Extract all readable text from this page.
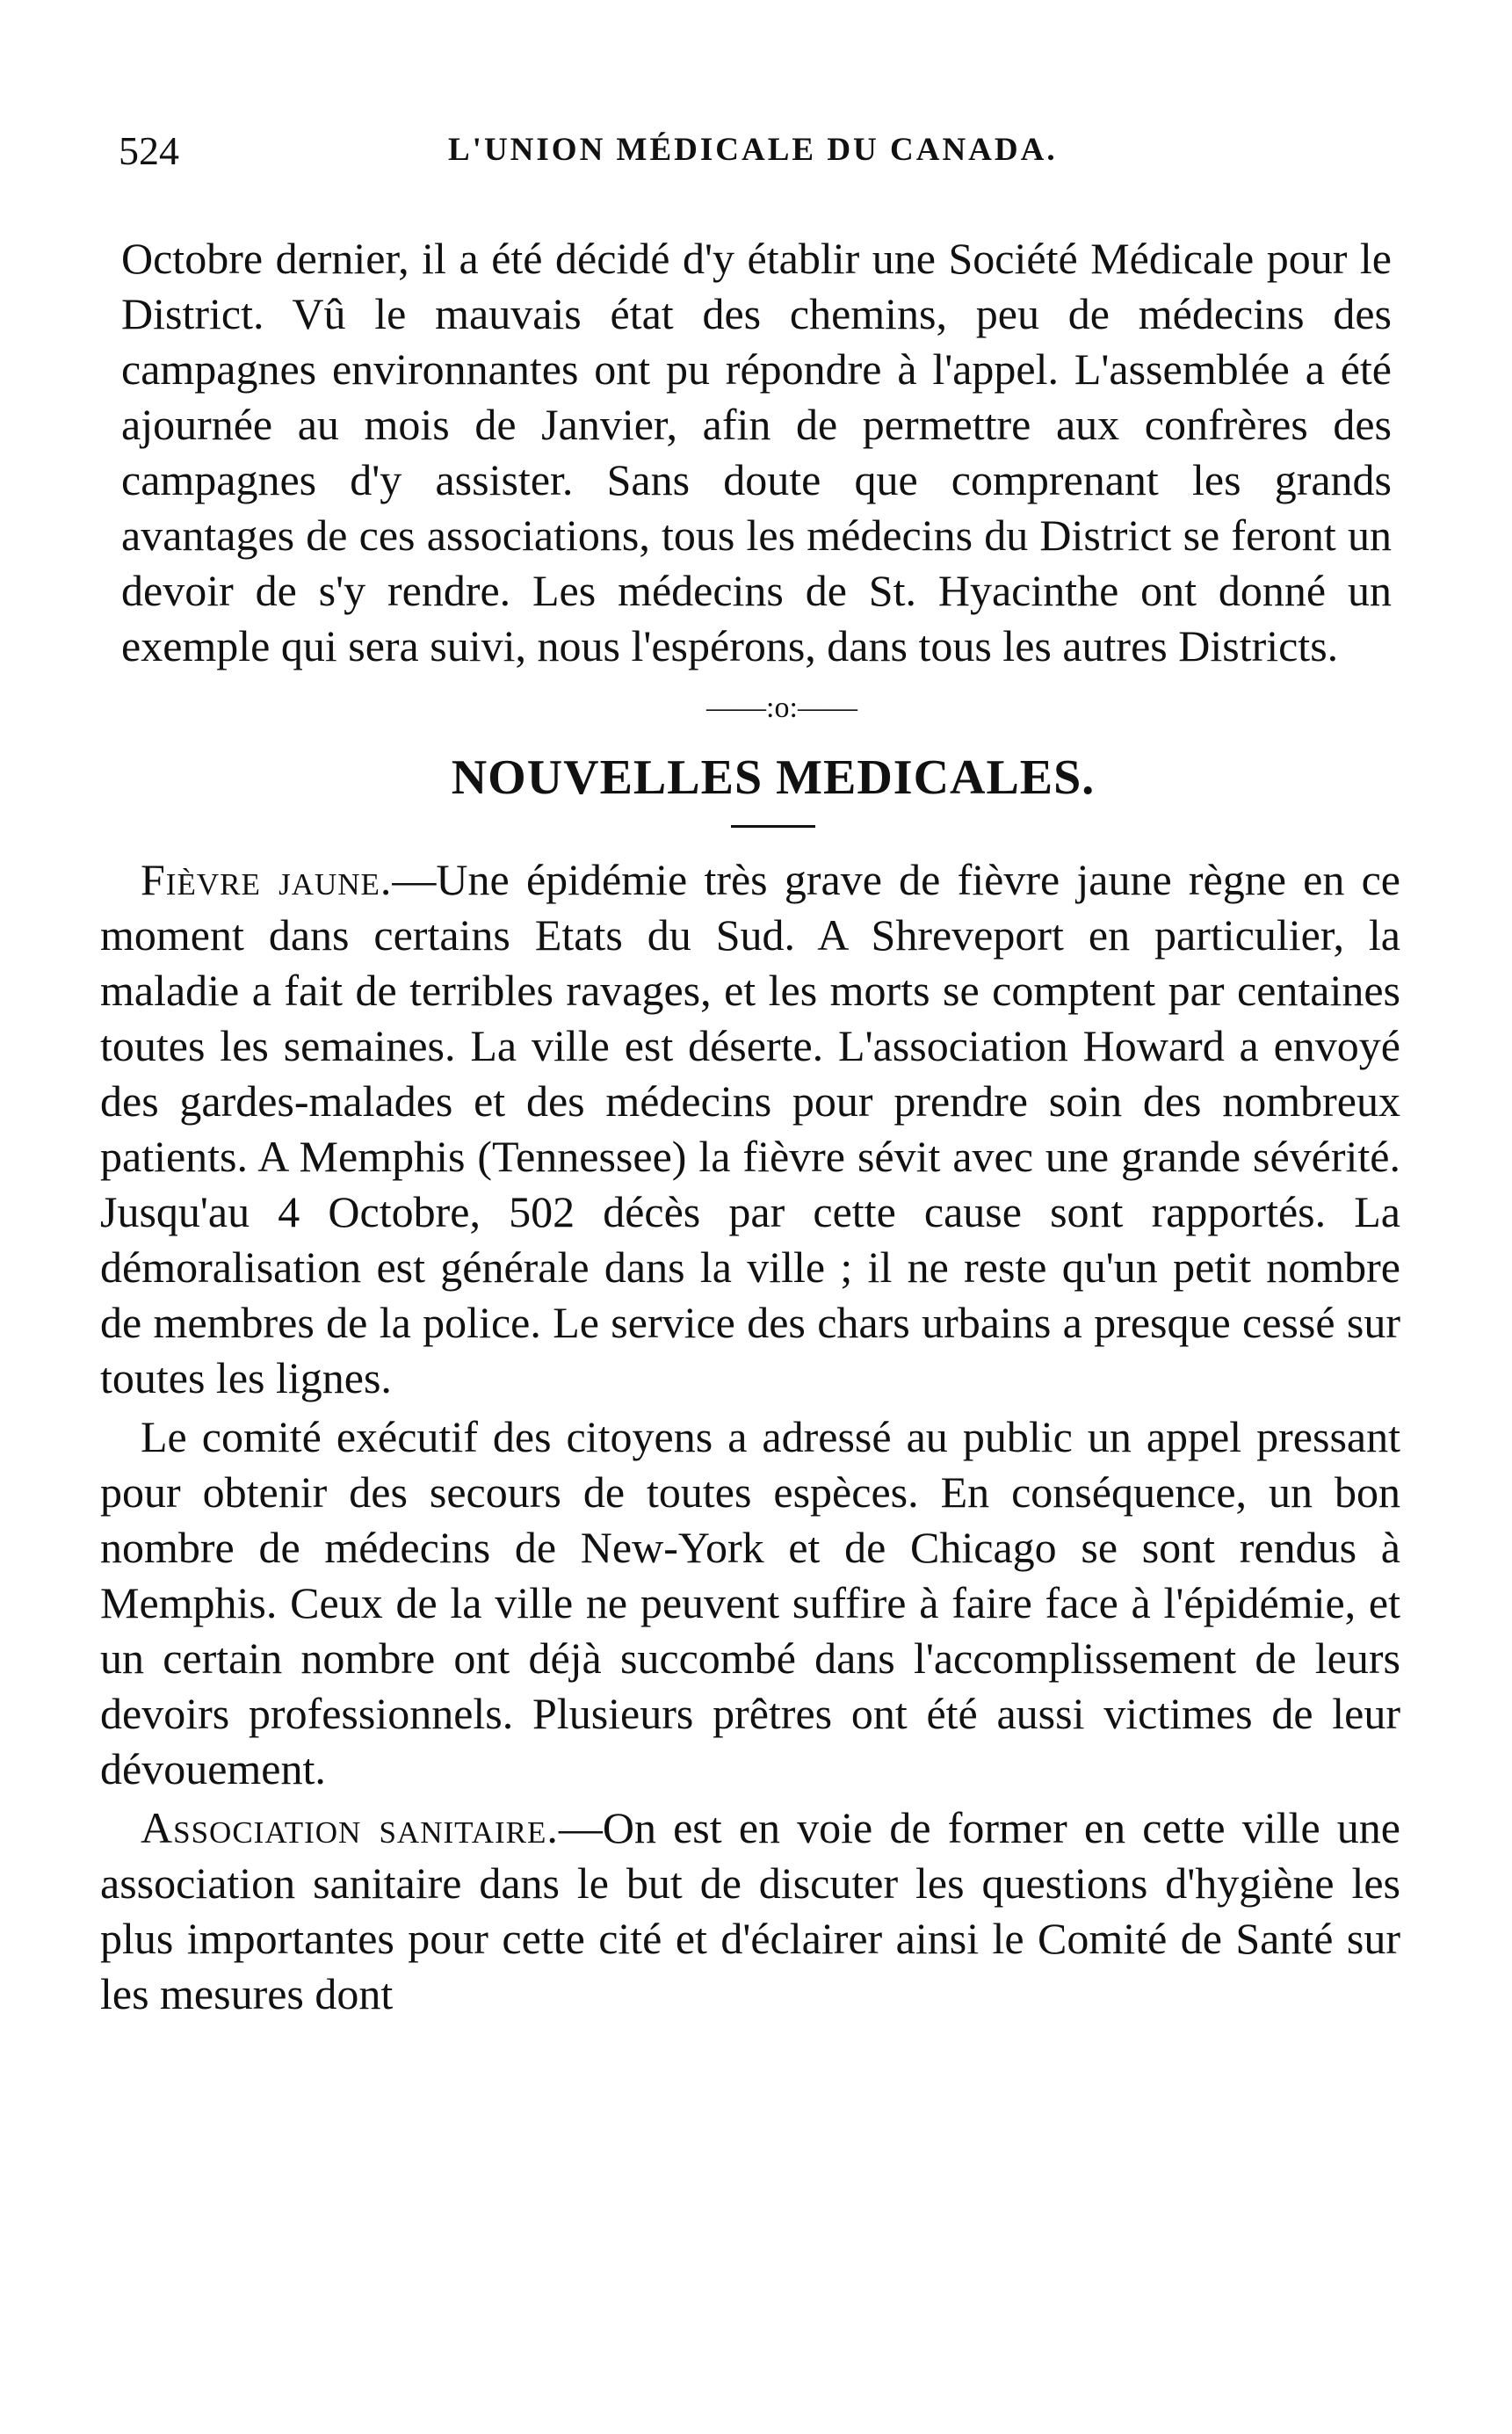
524	L'UNION MÉDICALE DU CANADA.

Octobre dernier, il a été décidé d'y établir une Société Médicale pour le District. Vû le mauvais état des chemins, peu de médecins des campagnes environnantes ont pu répondre à l'appel. L'assemblée a été ajournée au mois de Janvier, afin de permettre aux confrères des campagnes d'y assister. Sans doute que comprenant les grands avantages de ces associations, tous les médecins du District se feront un devoir de s'y rendre. Les médecins de St. Hyacinthe ont donné un exemple qui sera suivi, nous l'espérons, dans tous les autres Districts.

——:o:——
NOUVELLES MEDICALES.

Fièvre jaune.—Une épidémie très grave de fièvre jaune règne en ce moment dans certains Etats du Sud. A Shreveport en particulier, la maladie a fait de terribles ravages, et les morts se comptent par centaines toutes les semaines. La ville est déserte. L'association Howard a envoyé des gardes-malades et des médecins pour prendre soin des nombreux patients. A Memphis (Tennessee) la fièvre sévit avec une grande sévérité. Jusqu'au 4 Octobre, 502 décès par cette cause sont rapportés. La démoralisation est générale dans la ville ; il ne reste qu'un petit nombre de membres de la police. Le service des chars urbains a presque cessé sur toutes les lignes.

Le comité exécutif des citoyens a adressé au public un appel pressant pour obtenir des secours de toutes espèces. En conséquence, un bon nombre de médecins de New-York et de Chicago se sont rendus à Memphis. Ceux de la ville ne peuvent suffire à faire face à l'épidémie, et un certain nombre ont déjà succombé dans l'accomplissement de leurs devoirs professionnels. Plusieurs prêtres ont été aussi victimes de leur dévouement.

Association sanitaire.—On est en voie de former en cette ville une association sanitaire dans le but de discuter les questions d'hygiène les plus importantes pour cette cité et d'éclairer ainsi le Comité de Santé sur les mesures dont
